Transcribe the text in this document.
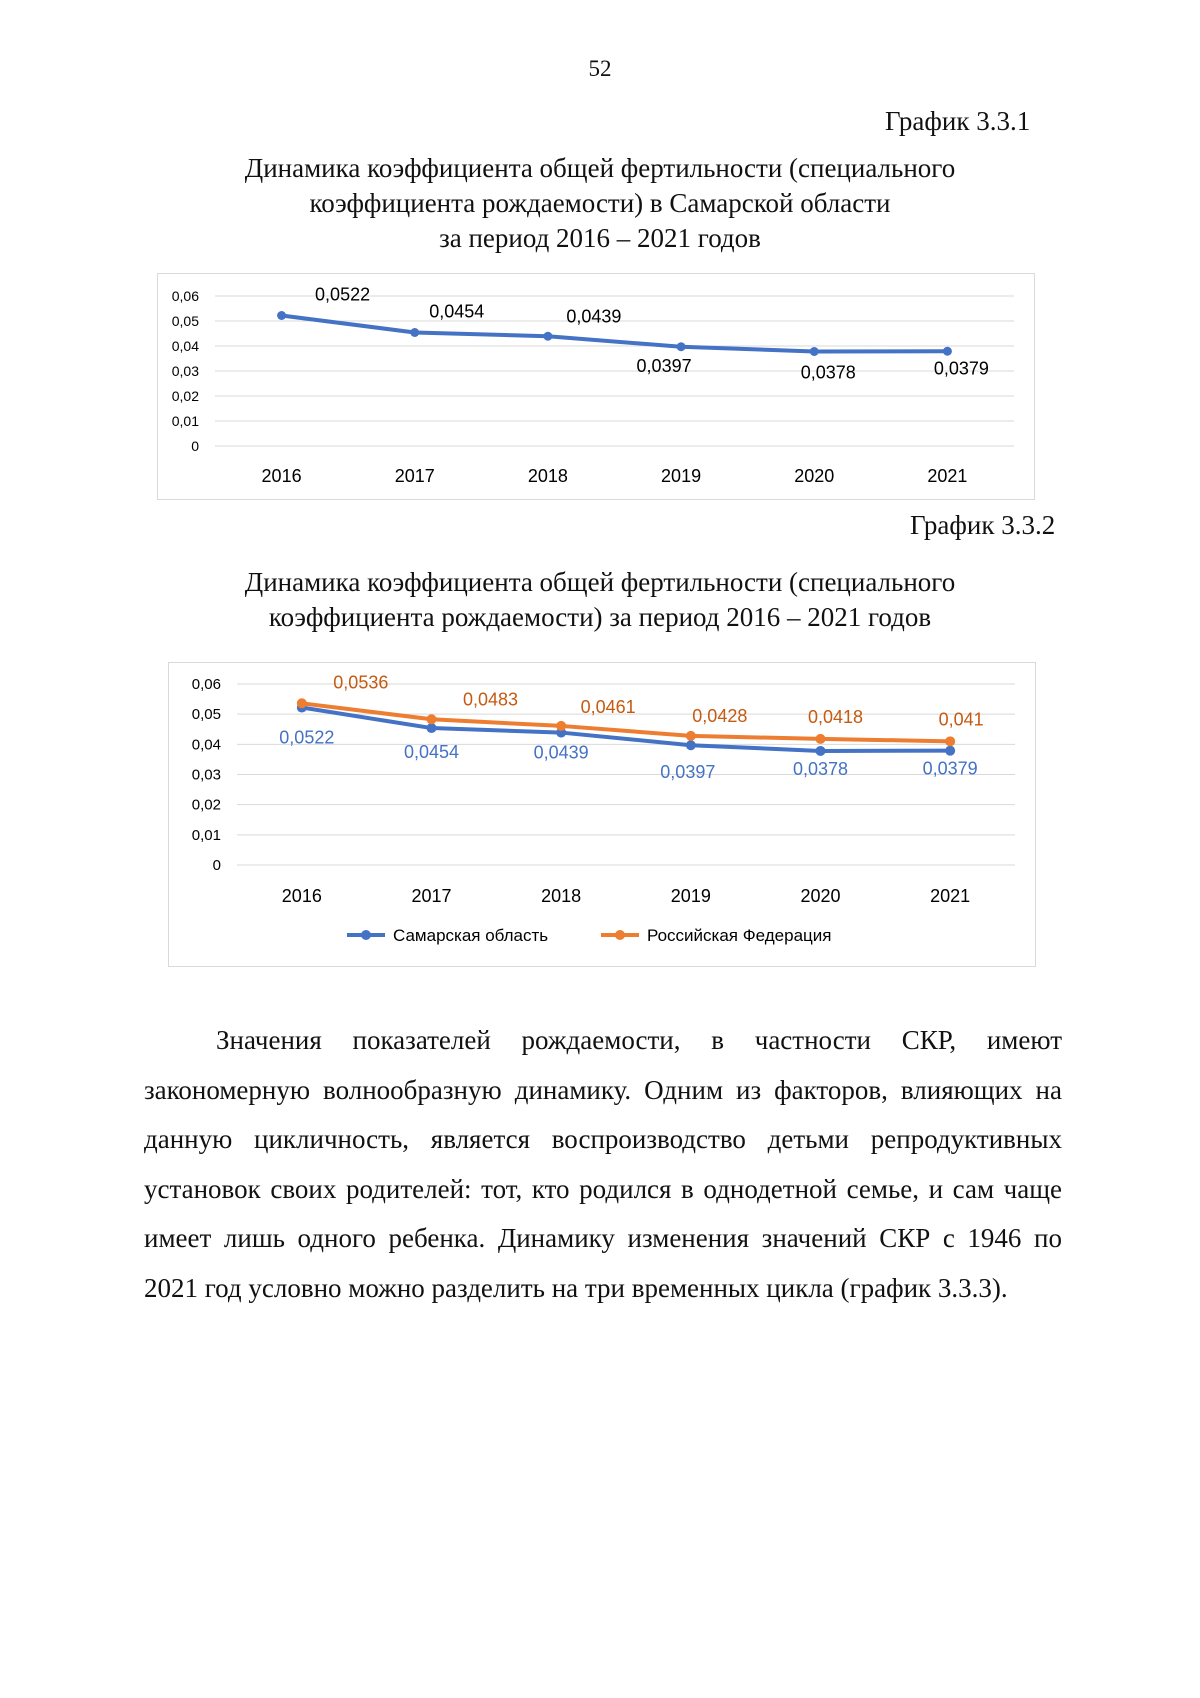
52
График 3.3.1
Динамика коэффициента общей фертильности (специального
коэффициента рождаемости) в Самарской области
за период 2016 – 2021 годов
0
0,01
0,02
0,03
0,04
0,05
0,06
2016	2017	2018	2019	2020	2021
0,0522
0,0454	0,0439
0,0397	0,0378	0,0379
График 3.3.2
Динамика коэффициента общей фертильности (специального
коэффициента рождаемости) за период 2016 – 2021 годов
0
0,01
0,02
0,03
0,04
0,05
0,06
2016	2017	2018	2019	2020	2021
0,0522
0,0454	0,0439
0,0397	0,0378	0,0379
0,0536
0,0483	0,0461	0,0428	0,0418	0,041
Самарская область	Российская Федерация

Значения показателей рождаемости, в частности СКР, имеют закономерную волнообразную динамику. Одним из факторов, влияющих на данную цикличность, является воспроизводство детьми репродуктивных установок своих родителей: тот, кто родился в однодетной семье, и сам чаще имеет лишь одного ребенка. Динамику изменения значений СКР с 1946 по 2021 год условно можно разделить на три временных цикла (график 3.3.3).
